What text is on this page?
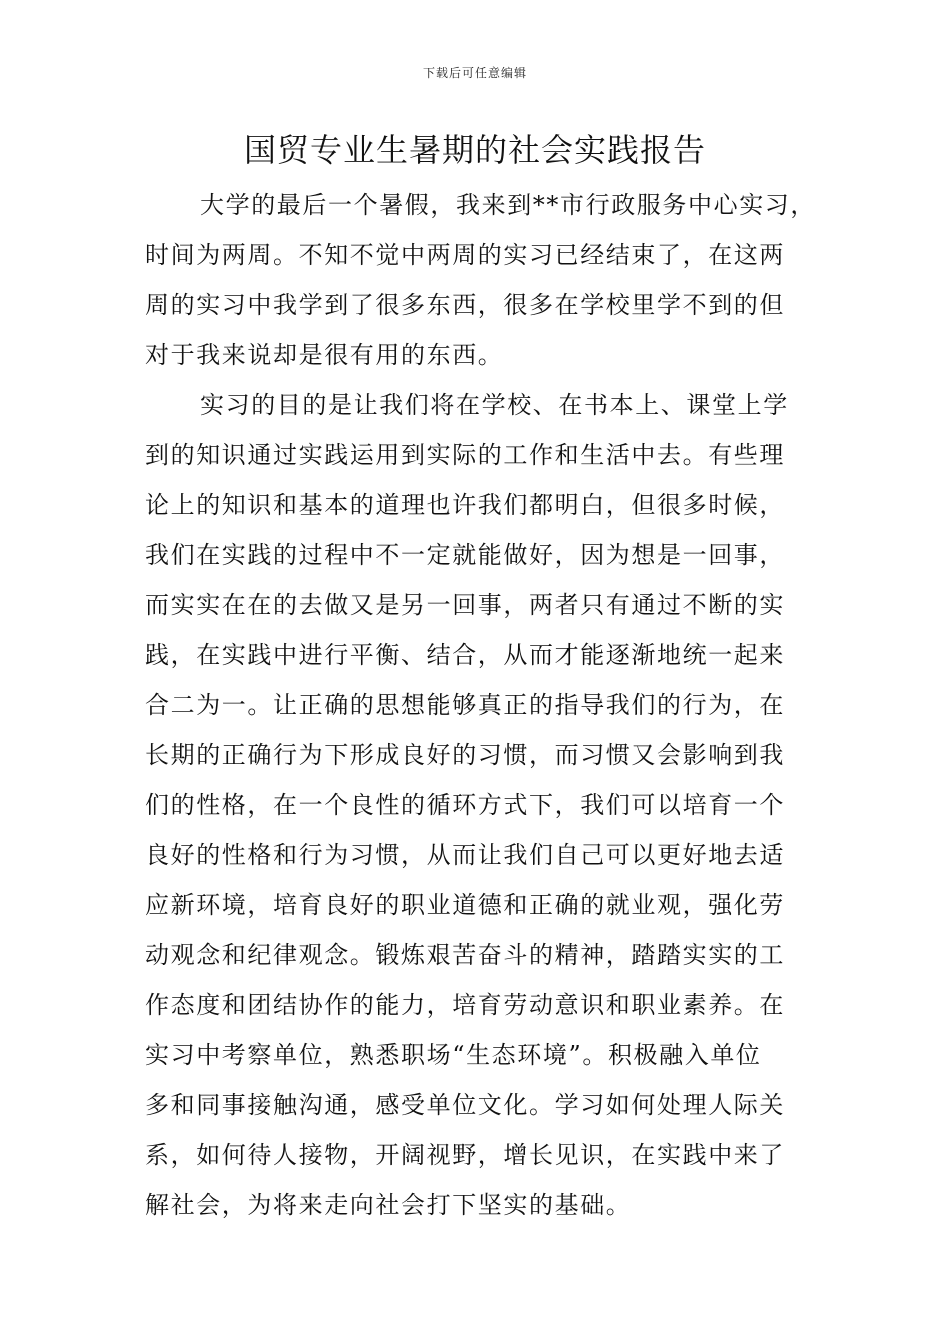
下载后可任意编辑
国贸专业生暑期的社会实践报告
大学的最后一个暑假，我来到**市行政服务中心实习，
时间为两周。不知不觉中两周的实习已经结束了，在这两
周的实习中我学到了很多东西，很多在学校里学不到的但
对于我来说却是很有用的东西。
实习的目的是让我们将在学校、在书本上、课堂上学
到的知识通过实践运用到实际的工作和生活中去。有些理
论上的知识和基本的道理也许我们都明白，但很多时候，
我们在实践的过程中不一定就能做好，因为想是一回事，
而实实在在的去做又是另一回事，两者只有通过不断的实
践，在实践中进行平衡、结合，从而才能逐渐地统一起来
合二为一。让正确的思想能够真正的指导我们的行为，在
长期的正确行为下形成良好的习惯，而习惯又会影响到我
们的性格，在一个良性的循环方式下，我们可以培育一个
良好的性格和行为习惯，从而让我们自己可以更好地去适
应新环境，培育良好的职业道德和正确的就业观，强化劳
动观念和纪律观念。锻炼艰苦奋斗的精神，踏踏实实的工
作态度和团结协作的能力，培育劳动意识和职业素养。在
实习中考察单位，熟悉职场“生态环境”。积极融入单位
多和同事接触沟通，感受单位文化。学习如何处理人际关
系，如何待人接物，开阔视野，增长见识，在实践中来了
解社会，为将来走向社会打下坚实的基础。
